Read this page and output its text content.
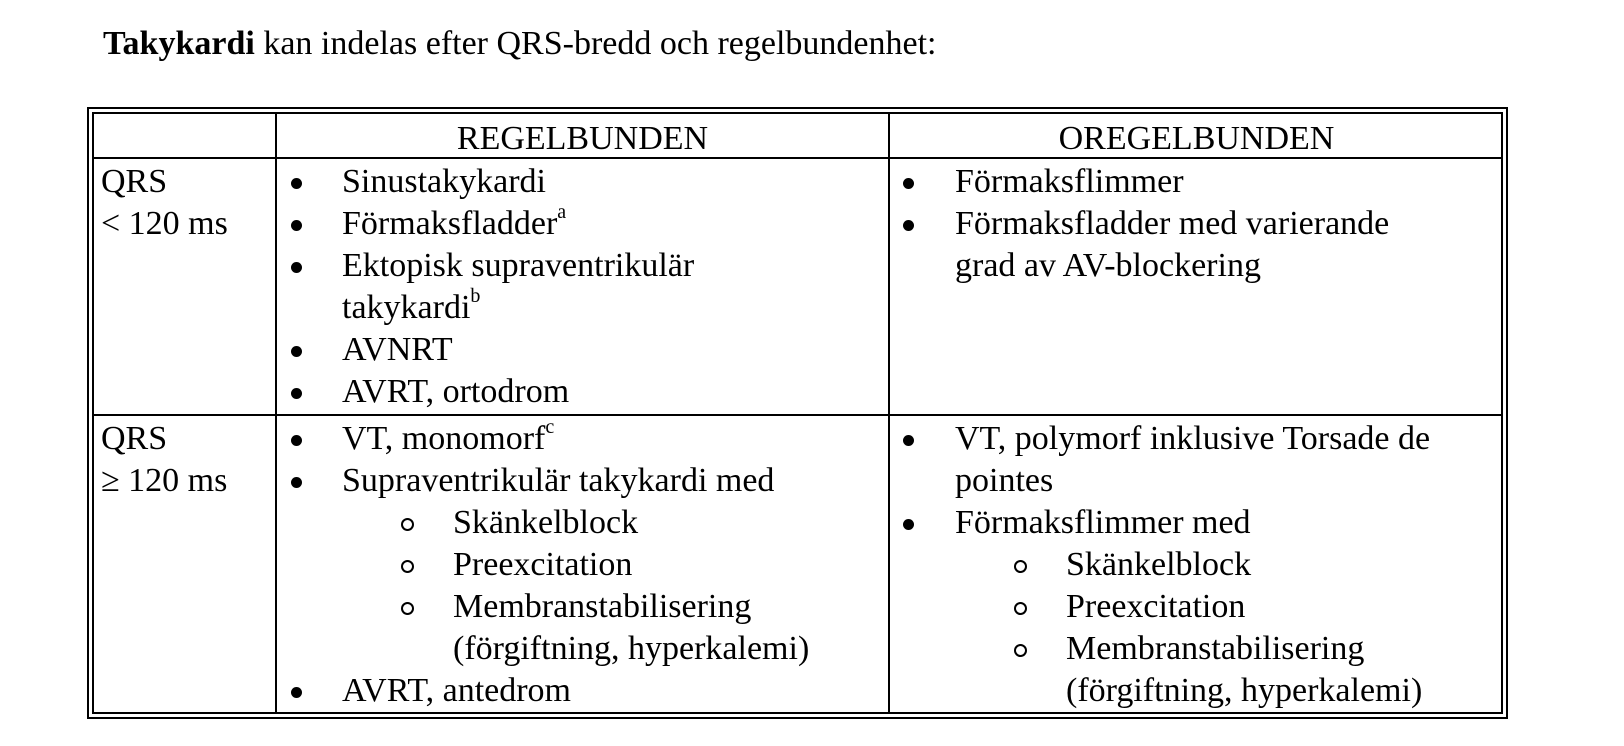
Takykardi kan indelas efter QRS-bredd och regelbundenhet:

REGELBUNDEN	OREGELBUNDEN
QRS
< 120 ms
Sinustakykardi
Förmaksfladder$^a$
Ektopisk supraventrikulär
takykardi$^b$
AVNRT
AVRT, ortodrom
Förmaksflimmer
Förmaksfladder med varierande
grad av AV-blockering
QRS
≥ 120 ms
VT, monomorf$^c$
Supraventrikulär takykardi med
Skänkelblock
Preexcitation
Membranstabilisering
(förgiftning, hyperkalemi)
AVRT, antedrom
VT, polymorf inklusive Torsade de
pointes
Förmaksflimmer med
Skänkelblock
Preexcitation
Membranstabilisering
(förgiftning, hyperkalemi)
